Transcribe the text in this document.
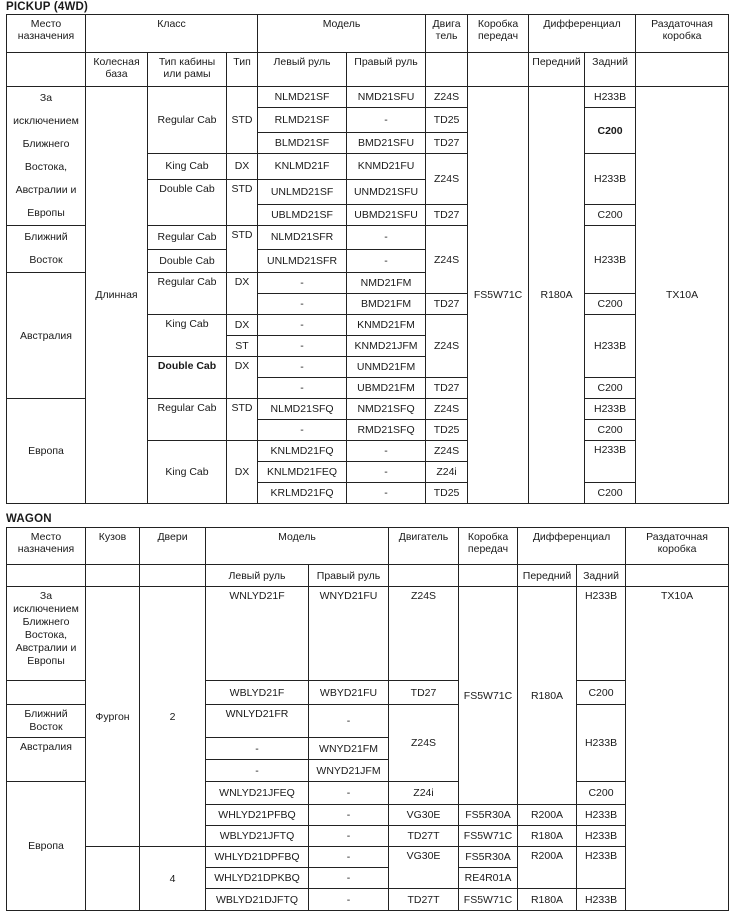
PICKUP (4WD)
Место назначения	Класс			Модель		Двига тель	Коробка передач	Дифференциал		Раздаточная коробка
	Колесная база	Тип кабины или рамы	Тип	Левый руль	Правый руль			Передний	Задний	
За исключением Ближнего Востока, Австралии и Европы	Длинная	Regular Cab	STD	NLMD21SF	NMD21SFU	Z24S	FS5W71C	R180A	H233B	TX10A
				RLMD21SF	-	TD25			C200	
				BLMD21SF	BMD21SFU	TD27				
		King Cab	DX	KNLMD21F	KNMD21FU	Z24S			H233B	
		Double Cab	STD	UNLMD21SF	UNMD21SFU					
				UBLMD21SF	UBMD21SFU	TD27			C200	
Ближний Восток		Regular Cab	STD	NLMD21SFR	-	Z24S			H233B	
		Double Cab		UNLMD21SFR	-					
Австралия		Regular Cab	DX	-	NMD21FM					
				-	BMD21FM	TD27			C200	
		King Cab	DX	-	KNMD21FM	Z24S			H233B	
			ST	-	KNMD21JFM					
		Double Cab	DX	-	UNMD21FM					
				-	UBMD21FM	TD27			C200	
Европа		Regular Cab	STD	NLMD21SFQ	NMD21SFQ	Z24S			H233B	
				-	RMD21SFQ	TD25			C200	
		King Cab	DX	KNLMD21FQ	-	Z24S			H233B	
				KNLMD21FEQ	-	Z24i				
				KRLMD21FQ	-	TD25			C200	
WAGON
Место назначения	Кузов	Двери	Модель		Двигатель	Коробка передач	Дифференциал		Раздаточная коробка
			Левый руль	Правый руль			Передний	Задний	
За исключением Ближнего Востока, Австралии и Европы	Фургон	2	WNLYD21F	WNYD21FU	Z24S	FS5W71C	R180A	H233B	TX10A
			WBLYD21F	WBYD21FU	TD27			C200	
Ближний Восток			WNLYD21FR	-	Z24S			H233B	
Австралия			-	WNYD21FM					
			-	WNYD21JFM					
Европа			WNLYD21JFEQ	-	Z24i			C200	
			WHLYD21PFBQ	-	VG30E	FS5R30A	R200A	H233B	
			WBLYD21JFTQ	-	TD27T	FS5W71C	R180A	H233B	
		4	WHLYD21DPFBQ	-	VG30E	FS5R30A	R200A	H233B	
			WHLYD21DPKBQ	-		RE4R01A			
			WBLYD21DJFTQ	-	TD27T	FS5W71C	R180A	H233B	
